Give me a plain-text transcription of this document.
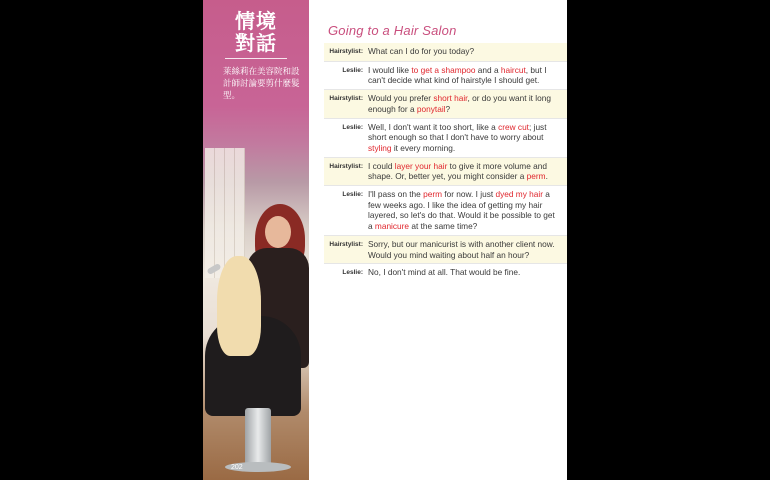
情境
對話
莱絲莉在美容院和設計師討論要剪什麼髮型。
202
Going to a Hair Salon
Hairstylist: What can I do for you today?
Leslie: I would like to get a shampoo and a haircut, but I can't decide what kind of hairstyle I should get.
Hairstylist: Would you prefer short hair, or do you want it long enough for a ponytail?
Leslie: Well, I don't want it too short, like a crew cut; just short enough so that I don't have to worry about styling it every morning.
Hairstylist: I could layer your hair to give it more volume and shape. Or, better yet, you might consider a perm.
Leslie: I'll pass on the perm for now. I just dyed my hair a few weeks ago. I like the idea of getting my hair layered, so let's do that. Would it be possible to get a manicure at the same time?
Hairstylist: Sorry, but our manicurist is with another client now. Would you mind waiting about half an hour?
Leslie: No, I don't mind at all. That would be fine.
